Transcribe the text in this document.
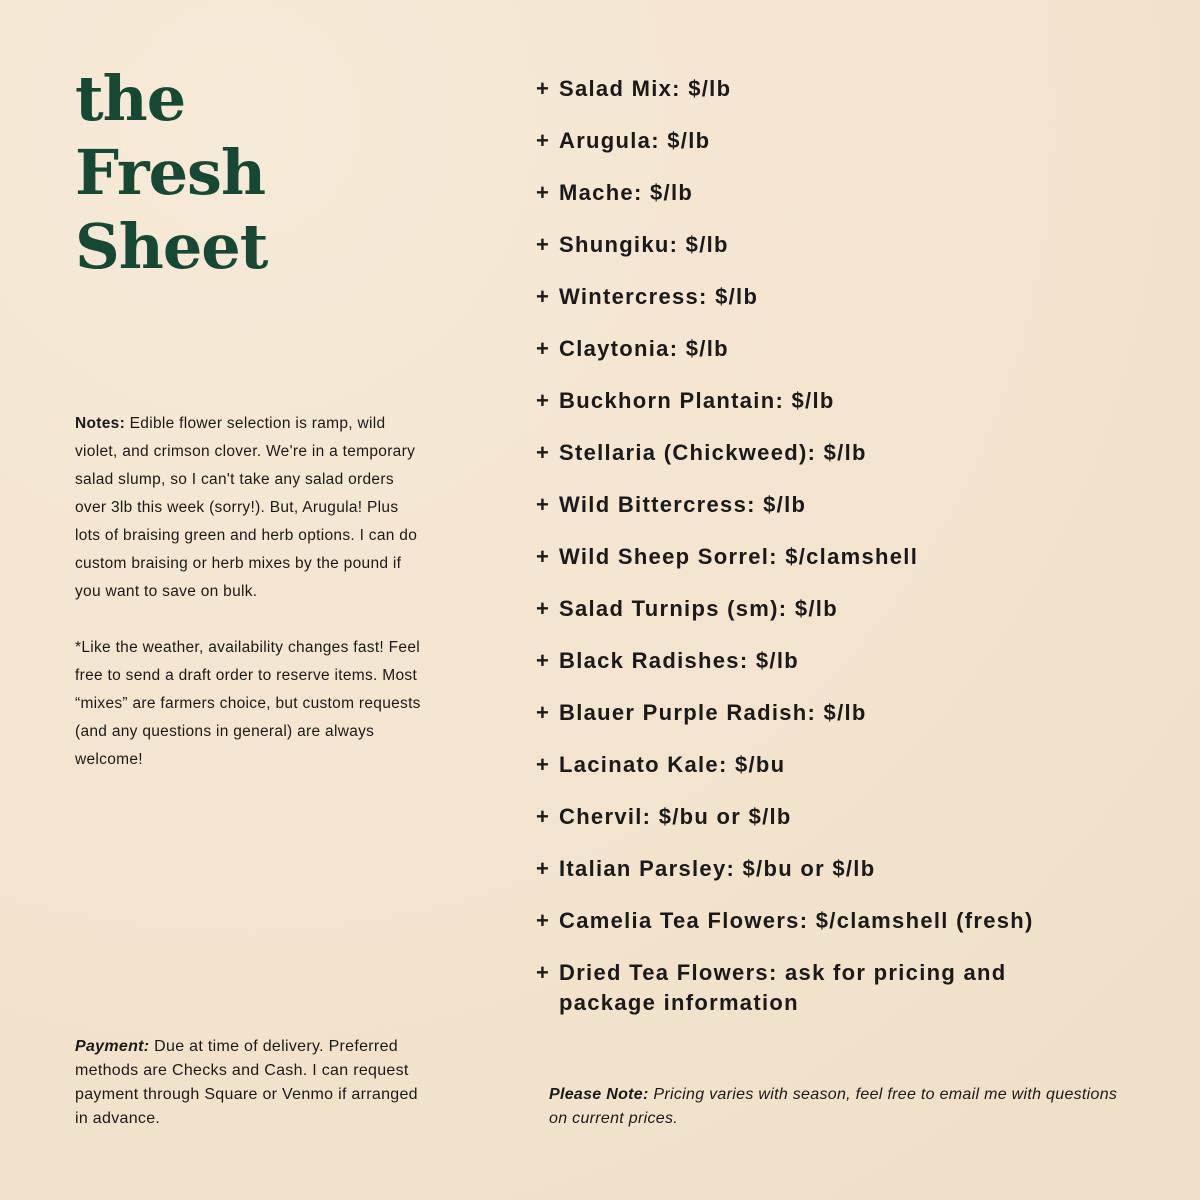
the
Fresh
Sheet

Notes: Edible flower selection is ramp, wild violet, and crimson clover. We're in a temporary salad slump, so I can't take any salad orders over 3lb this week (sorry!). But, Arugula! Plus lots of braising green and herb options. I can do custom braising or herb mixes by the pound if you want to save on bulk.

*Like the weather, availability changes fast! Feel free to send a draft order to reserve items. Most “mixes” are farmers choice, but custom requests (and any questions in general) are always welcome!

Payment: Due at time of delivery. Preferred methods are Checks and Cash. I can request payment through Square or Venmo if arranged in advance.
Please Note: Pricing varies with season, feel free to email me with questions on current prices.
+ Salad Mix: $/lb
+ Arugula: $/lb
+ Mache: $/lb
+ Shungiku: $/lb
+ Wintercress: $/lb
+ Claytonia: $/lb
+ Buckhorn Plantain: $/lb
+ Stellaria (Chickweed): $/lb
+ Wild Bittercress: $/lb
+ Wild Sheep Sorrel: $/clamshell
+ Salad Turnips (sm): $/lb
+ Black Radishes: $/lb
+ Blauer Purple Radish: $/lb
+ Lacinato Kale: $/bu
+ Chervil: $/bu or $/lb
+ Italian Parsley: $/bu or $/lb
+ Camelia Tea Flowers: $/clamshell (fresh)
+ Dried Tea Flowers: ask for pricing and package information
